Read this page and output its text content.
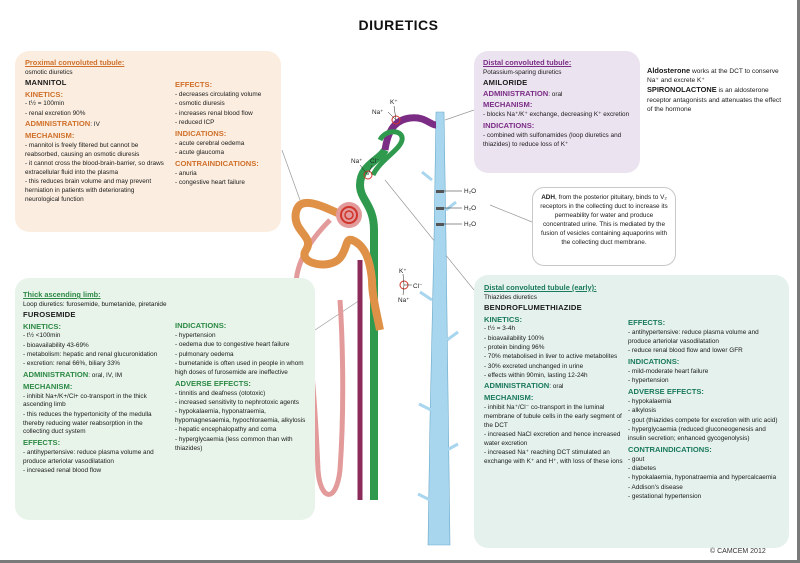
DIURETICS
Na⁺
K⁺
Na⁺ Cl⁻
K⁺
Cl⁻
Na⁺
H₂O
H₂O
H₂O
Proximal convoluted tubule:
osmotic diuretics
MANNITOL
KINETICS:
- t½ = 100min
- renal excretion 90%
ADMINISTRATION: IV
MECHANISM:
- mannitol is freely filtered but cannot be reabsorbed, causing an osmotic diuresis
- it cannot cross the blood-brain-barrier, so draws extracellular fluid into the plasma
- this reduces brain volume and may prevent herniation in patients with deteriorating neurological function
EFFECTS:
- decreases circulating volume
- osmotic diuresis
- increases renal blood flow
- reduced ICP
INDICATIONS:
- acute cerebral oedema
- acute glaucoma
CONTRAINDICATIONS:
- anuria
- congestive heart failure
Distal convoluted tubule:
Potassium-sparing diuretics
AMILORIDE
ADMINISTRATION: oral
MECHANISM:
- blocks Na⁺/K⁺ exchange, decreasing K⁺ excretion
INDICATIONS:
- combined with sulfonamides (loop diuretics and thiazides) to reduce loss of K⁺
Aldosterone works at the DCT to conserve Na⁺ and excrete K⁺
SPIRONOLACTONE is an aldosterone receptor antagonists and attenuates the effect of the hormone
ADH, from the posterior pituitary, binds to V₂ receptors in the collecting duct to increase its permeability for water and produce concentrated urine. This is mediated by the fusion of vesicles containing aquaporins with the collecting duct membrane.
Thick ascending limb:
Loop diuretics: furosemide, bumetanide, piretanide
FUROSEMIDE
KINETICS:
- t½ <100min
- bioavailability 43-69%
- metabolism: hepatic and renal glucuronidation
- excretion: renal 66%, biliary 33%
ADMINISTRATION: oral, IV, IM
MECHANISM:
- inhibit Na+/K+/Cl+ co-transport in the thick ascending limb
- this reduces the hypertonicity of the medulla thereby reducing water reabsorption in the collecting duct system
EFFECTS:
- antihypertensive: reduce plasma volume and produce arteriolar vasodilatation
- increased renal blood flow
INDICATIONS:
- hypertension
- oedema due to congestive heart failure
- pulmonary oedema
- bumetanide is often used in people in whom high doses of furosemide are ineffective
ADVERSE EFFECTS:
- tinnitis and deafness (ototoxic)
- increased sensitivity to nephrotoxic agents
- hypokalaemia, hyponatraemia, hypomagnesaemia, hypochloraemia, alkylosis
- hepatic encephalopathy and coma
- hyperglycaemia (less common than with thiazides)
Distal convoluted tubule (early):
Thiazides diuretics
BENDROFLUMETHIAZIDE
KINETICS:
- t½ = 3-4h
- bioavailability 100%
- protein binding 96%
- 70% metabolised in liver to active metabolites
- 30% excreted unchanged in urine
- effects within 90min, lasting 12-24h
ADMINISTRATION: oral
MECHANISM:
- inhibit Na⁺/Cl⁻ co-transport in the luminal membrane of tubule cells in the early segment of the DCT
- increased NaCl excretion and hence increased water excretion
- increased Na⁺ reaching DCT stimulated an exchange with K⁺ and H⁺, with loss of these ions
EFFECTS:
- antihypertensive: reduce plasma volume and produce arteriolar vasodilatation
- reduce renal blood flow and lower GFR
INDICATIONS:
- mild-moderate heart failure
- hypertension
ADVERSE EFFECTS:
- hypokalaemia
- alkylosis
- gout (thiazides compete for excretion with uric acid)
- hyperglycaemia (reduced gluconeogenesis and insulin secretion; enhanced gycogenolysis)
CONTRAINDICATIONS:
- gout
- diabetes
- hypokalaemia, hyponatraemia and hypercalcaemia
- Addison's disease
- gestational hypertension
© CAMCEM 2012
